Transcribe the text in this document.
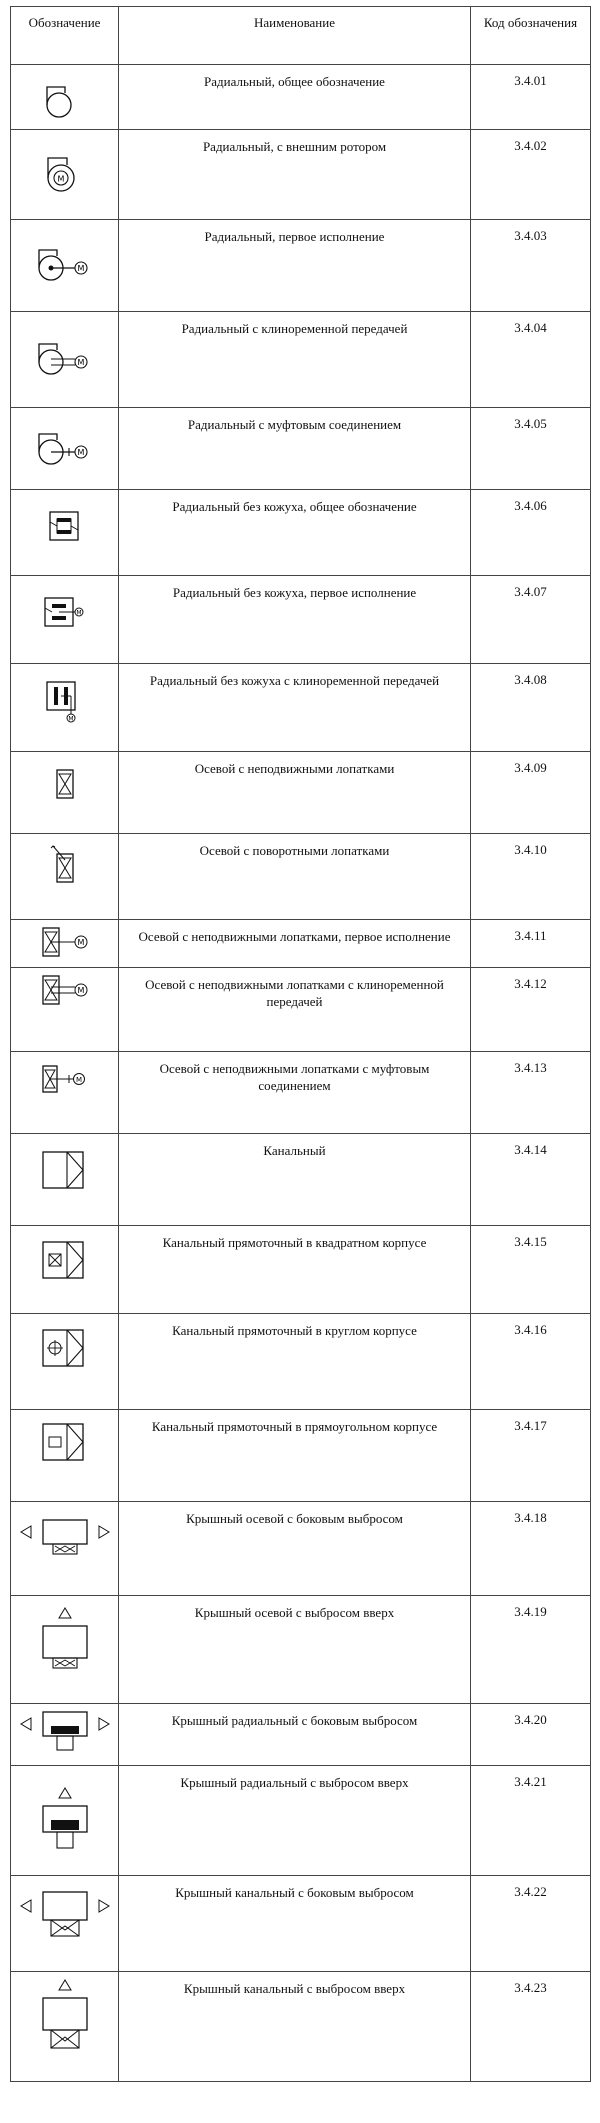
Обозначение	Наименование	Код обозначения

	Радиальный, общее обозначение	3.4.01

M	Радиальный, с внешним ротором	3.4.02

M	Радиальный, первое исполнение	3.4.03

M	Радиальный с клиноременной передачей	3.4.04

M	Радиальный с муфтовым соединением	3.4.05

	Радиальный без кожуха, общее обозначение	3.4.06

M	Радиальный без кожуха, первое исполнение	3.4.07

M	Радиальный без кожуха с клиноременной передачей	3.4.08

	Осевой с неподвижными лопатками	3.4.09

	Осевой с поворотными лопатками	3.4.10

M	Осевой с неподвижными лопатками, первое исполнение	3.4.11

M	Осевой с неподвижными лопатками с клиноременной передачей	3.4.12

M	Осевой с неподвижными лопатками с муфтовым соединением	3.4.13

	Канальный	3.4.14

	Канальный прямоточный в квадратном корпусе	3.4.15

	Канальный прямоточный в круглом корпусе	3.4.16

	Канальный прямоточный в прямоугольном корпусе	3.4.17

	Крышный осевой с боковым выбросом	3.4.18

	Крышный осевой с выбросом вверх	3.4.19

	Крышный радиальный с боковым выбросом	3.4.20

	Крышный радиальный с выбросом вверх	3.4.21

	Крышный канальный с боковым выбросом	3.4.22

	Крышный канальный с выбросом вверх	3.4.23
